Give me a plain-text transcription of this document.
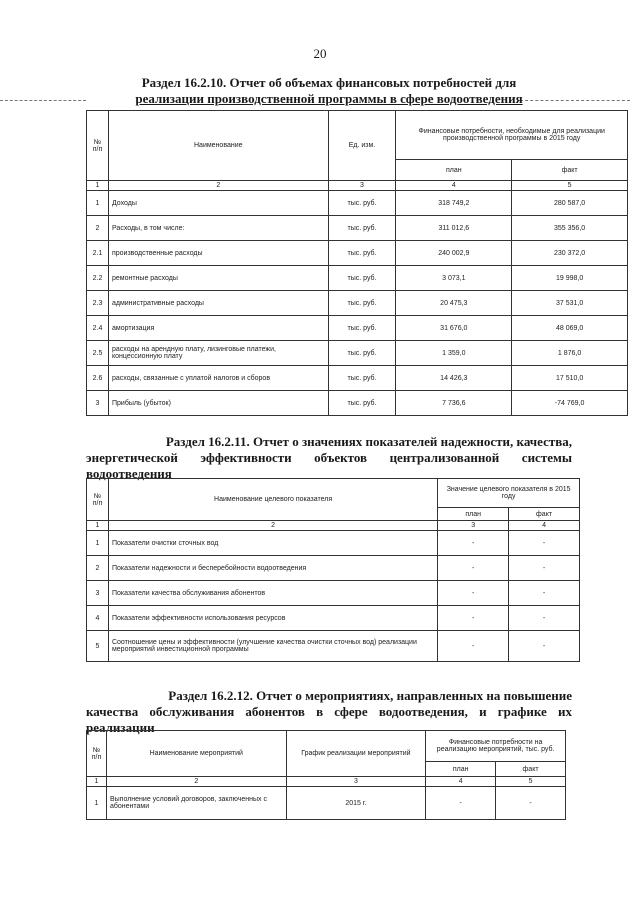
20
Раздел 16.2.10. Отчет об объемах финансовых потребностей для
реализации производственной программы в сфере водоотведения
№ п/п	Наименование	Ед. изм.	Финансовые потребности, необходимые для реализации производственной программы в 2015 году	
			план	факт
1	2	3	4	5
1	Доходы	тыс. руб.	318 749,2	280 587,0
2	Расходы, в том числе:	тыс. руб.	311 012,6	355 356,0
2.1	производственные расходы	тыс. руб.	240 002,9	230 372,0
2.2	ремонтные расходы	тыс. руб.	3 073,1	19 998,0
2.3	административные расходы	тыс. руб.	20 475,3	37 531,0
2.4	амортизация	тыс. руб.	31 676,0	48 069,0
2.5	расходы на арендную плату, лизинговые платежи, концессионную плату	тыс. руб.	1 359,0	1 876,0
2.6	расходы, связанные с уплатой налогов и сборов	тыс. руб.	14 426,3	17 510,0
3	Прибыль (убыток)	тыс. руб.	7 736,6	-74 769,0
Раздел 16.2.11. Отчет о значениях показателей надежности, качества,
энергетической эффективности объектов централизованной системы
водоотведения
№ п/п	Наименование целевого показателя	Значение целевого показателя в 2015 году	
		план	факт
1	2	3	4
1	Показатели очистки сточных вод	-	-
2	Показатели надежности и бесперебойности водоотведения	-	-
3	Показатели качества обслуживания абонентов	-	-
4	Показатели эффективности использования ресурсов	-	-
5	Соотношение цены и эффективности (улучшение качества очистки сточных вод) реализации мероприятий инвестиционной программы	-	-
Раздел 16.2.12. Отчет о мероприятиях, направленных на повышение
качества обслуживания абонентов в сфере водоотведения, и графике их
реализации
№ п/п	Наименование мероприятий	График реализации мероприятий	Финансовые потребности на реализацию мероприятий, тыс. руб.	
			план	факт
1	2	3	4	5
1	Выполнение условий договоров, заключенных с абонентами	2015 г.	-	-
